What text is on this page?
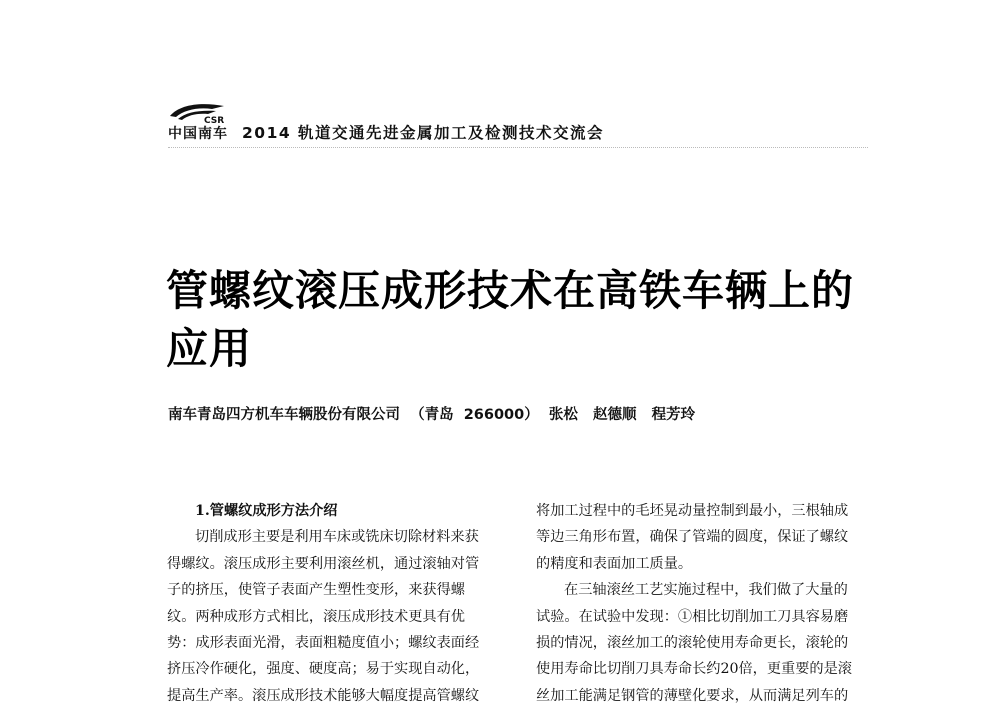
CSR
中国南车 2014 轨道交通先进金属加工及检测技术交流会
管螺纹滚压成形技术在高铁车辆上的
应用
南车青岛四方机车车辆股份有限公司  （青岛  266000）  张松   赵德顺   程芳玲
1.管螺纹成形方法介绍
切削成形主要是利用车床或铣床切除材料来获
得螺纹。滚压成形主要利用滚丝机，通过滚轴对管
子的挤压，使管子表面产生塑性变形，来获得螺
纹。两种成形方式相比，滚压成形技术更具有优
势：成形表面光滑，表面粗糙度值小；螺纹表面经
挤压冷作硬化，强度、硬度高；易于实现自动化，
提高生产率。滚压成形技术能够大幅度提高管螺纹
将加工过程中的毛坯晃动量控制到最小，三根轴成
等边三角形布置，确保了管端的圆度，保证了螺纹
的精度和表面加工质量。
在三轴滚丝工艺实施过程中，我们做了大量的
试验。在试验中发现：①相比切削加工刀具容易磨
损的情况，滚丝加工的滚轮使用寿命更长，滚轮的
使用寿命比切削刀具寿命长约20倍，更重要的是滚
丝加工能满足钢管的薄壁化要求，从而满足列车的
